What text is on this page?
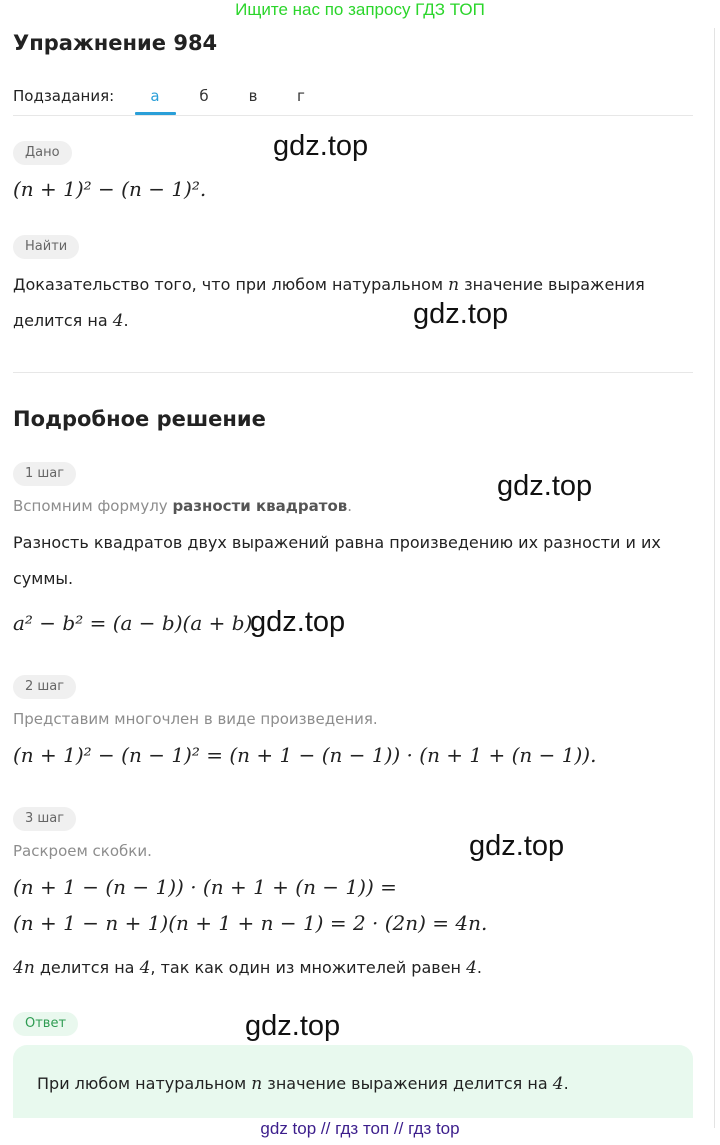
Ищите нас по запросу ГДЗ ТОП
Упражнение 984
Подзадания:	а	б	в	г
Дано
(n + 1)² − (n − 1)².
Найти
Доказательство того, что при любом натуральном n значение выражения
делится на 4.
Подробное решение
1 шаг
Вспомним формулу разности квадратов.
Разность квадратов двух выражений равна произведению их разности и их
суммы.
a² − b² = (a − b)(a + b).
2 шаг
Представим многочлен в виде произведения.
(n + 1)² − (n − 1)² = (n + 1 − (n − 1)) · (n + 1 + (n − 1)).
3 шаг
Раскроем скобки.
(n + 1 − (n − 1)) · (n + 1 + (n − 1)) =
(n + 1 − n + 1)(n + 1 + n − 1) = 2 · (2n) = 4n.
4n делится на 4, так как один из множителей равен 4.
Ответ
При любом натуральном n значение выражения делится на 4.
gdz.top
gdz.top
gdz.top
gdz.top
gdz.top
gdz.top
gdz top // гдз топ // гдз top
